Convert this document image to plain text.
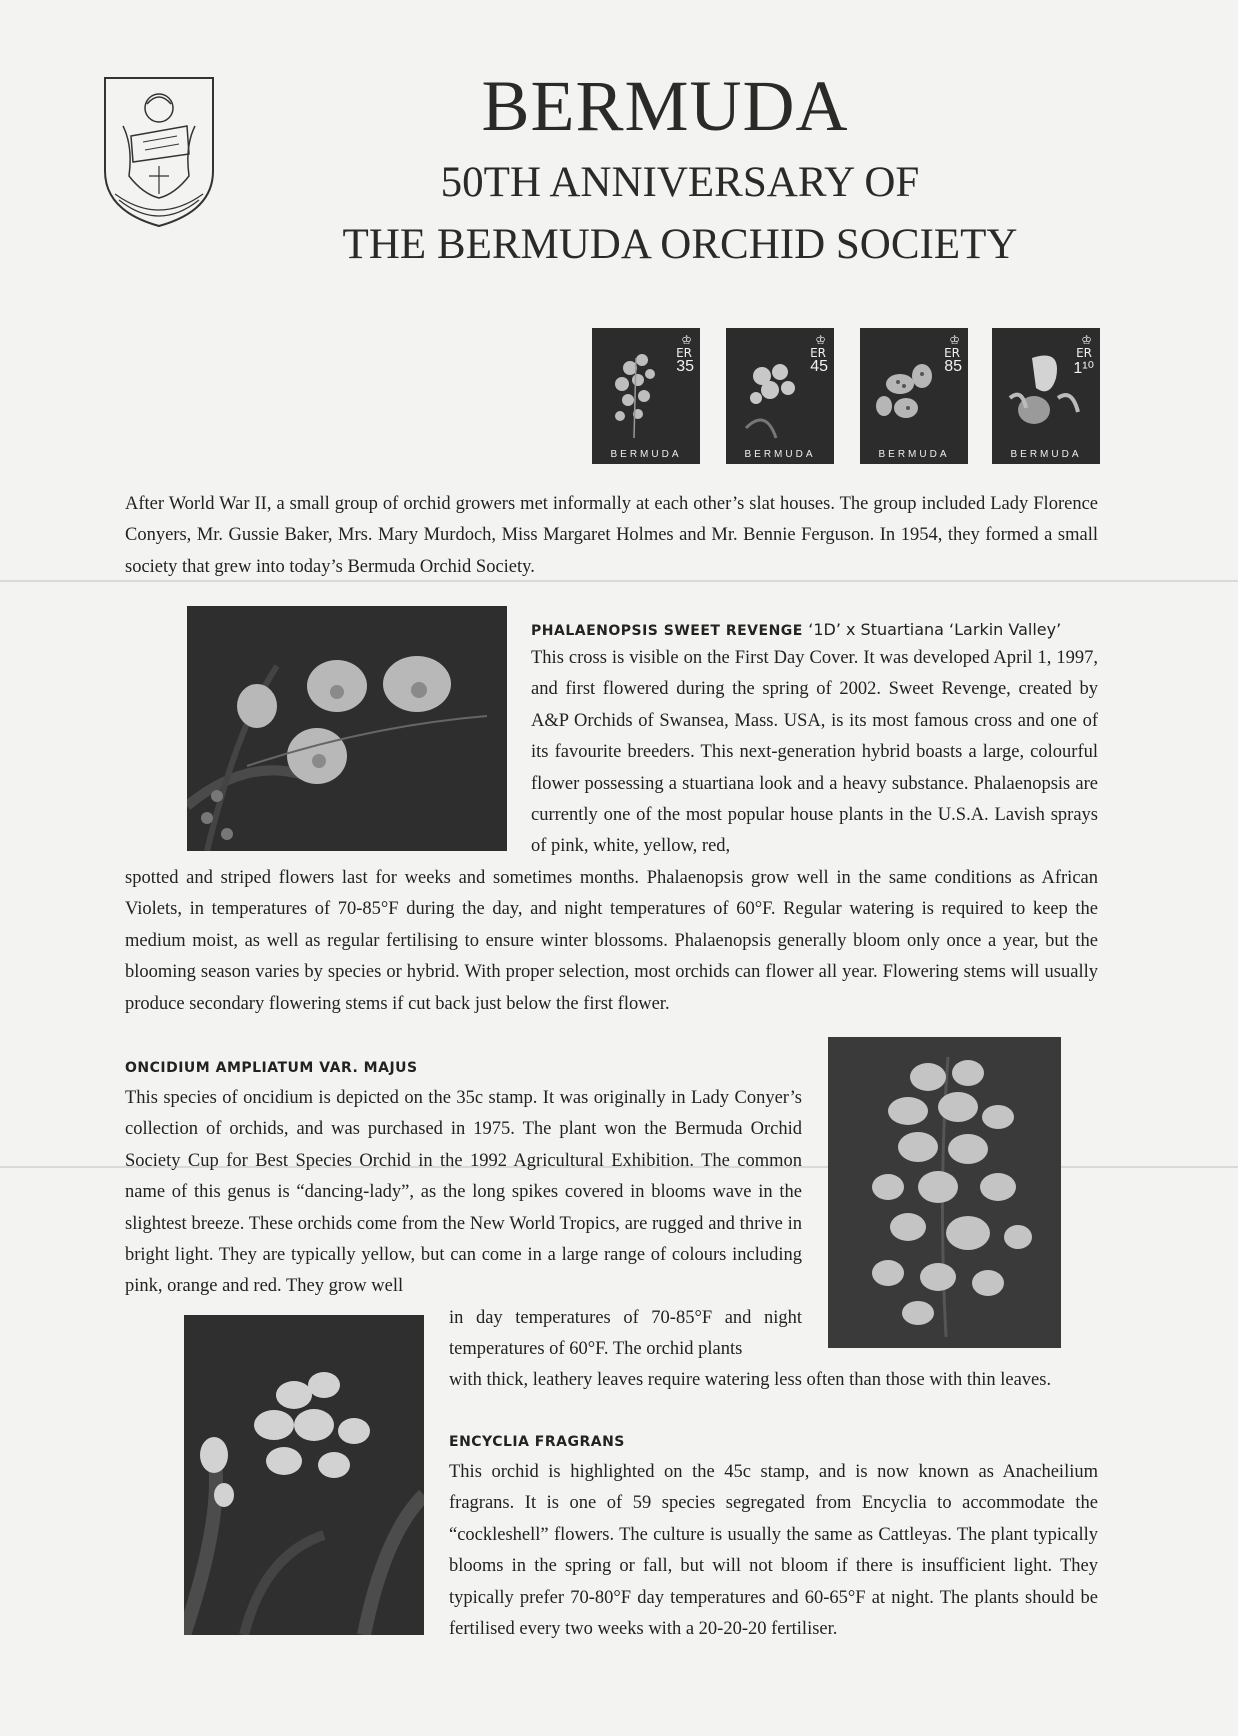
BERMUDA
50TH ANNIVERSARY OF
THE BERMUDA ORCHID SOCIETY
♔
ER
35
BERMUDA
♔
ER
45
BERMUDA
♔
ER
85
BERMUDA
♔
ER
1¹⁰
BERMUDA

After World War II, a small group of orchid growers met informally at each other’s slat houses. The group included Lady Florence Conyers, Mr. Gussie Baker, Mrs. Mary Murdoch, Miss Margaret Holmes and Mr. Bennie Ferguson. In 1954, they formed a small society that grew into today’s Bermuda Orchid Society.

PHALAENOPSIS SWEET REVENGE ‘1D’ x Stuartiana ‘Larkin Valley’

This cross is visible on the First Day Cover. It was developed April 1, 1997, and first flowered during the spring of 2002. Sweet Revenge, created by A&P Orchids of Swansea, Mass. USA, is its most famous cross and one of its favourite breeders. This next-generation hybrid boasts a large, colourful flower possessing a stuartiana look and a heavy substance. Phalaenopsis are currently one of the most popular house plants in the U.S.A. Lavish sprays of pink, white, yellow, red,

spotted and striped flowers last for weeks and sometimes months. Phalaenopsis grow well in the same conditions as African Violets, in temperatures of 70-85°F during the day, and night temperatures of 60°F. Regular watering is required to keep the medium moist, as well as regular fertilising to ensure winter blossoms. Phalaenopsis generally bloom only once a year, but the blooming season varies by species or hybrid. With proper selection, most orchids can flower all year. Flowering stems will usually produce secondary flowering stems if cut back just below the first flower.

ONCIDIUM AMPLIATUM VAR. MAJUS

This species of oncidium is depicted on the 35c stamp. It was originally in Lady Conyer’s collection of orchids, and was purchased in 1975. The plant won the Bermuda Orchid Society Cup for Best Species Orchid in the 1992 Agricultural Exhibition. The common name of this genus is “dancing-lady”, as the long spikes covered in blooms wave in the slightest breeze. These orchids come from the New World Tropics, are rugged and thrive in bright light. They are typically yellow, but can come in a large range of colours including pink, orange and red. They grow well

in day temperatures of 70-85°F and night temperatures of 60°F. The orchid plants

with thick, leathery leaves require watering less often than those with thin leaves.

ENCYCLIA FRAGRANS

This orchid is highlighted on the 45c stamp, and is now known as Anacheilium fragrans. It is one of 59 species segregated from Encyclia to accommodate the “cockleshell” flowers. The culture is usually the same as Cattleyas. The plant typically blooms in the spring or fall, but will not bloom if there is insufficient light. They typically prefer 70-80°F day temperatures and 60-65°F at night. The plants should be fertilised every two weeks with a 20-20-20 fertiliser.
